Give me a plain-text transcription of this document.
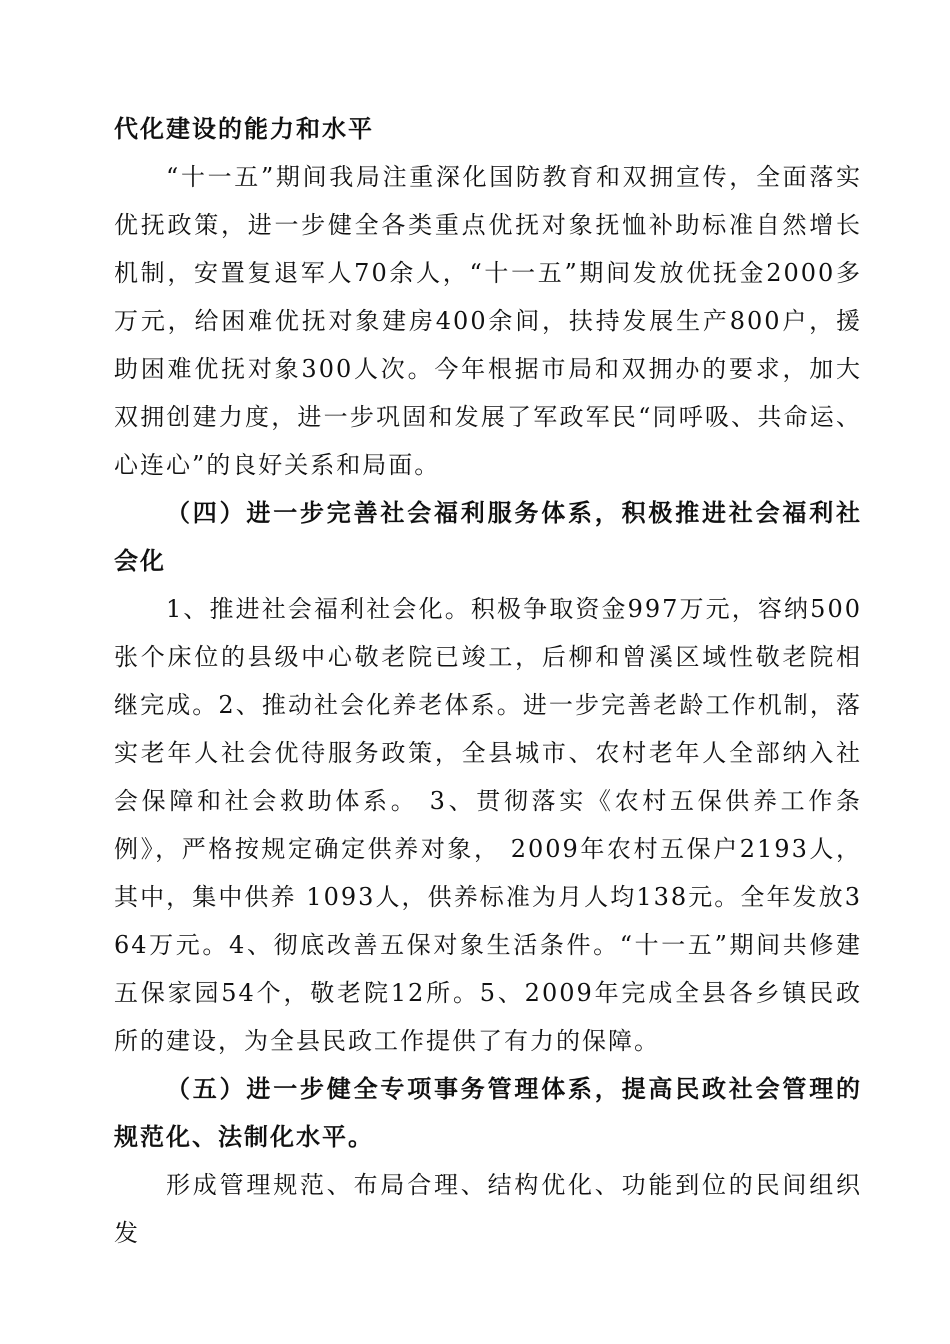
代化建设的能力和水平

“十一五”期间我局注重深化国防教育和双拥宣传，全面落实优抚政策，进一步健全各类重点优抚对象抚恤补助标准自然增长机制，安置复退军人70余人，“十一五”期间发放优抚金2000多万元，给困难优抚对象建房400余间，扶持发展生产800户，援助困难优抚对象300人次。今年根据市局和双拥办的要求，加大双拥创建力度，进一步巩固和发展了军政军民“同呼吸、共命运、心连心”的良好关系和局面。

（四）进一步完善社会福利服务体系，积极推进社会福利社会化

1、推进社会福利社会化。积极争取资金997万元，容纳500张个床位的县级中心敬老院已竣工，后柳和曾溪区域性敬老院相继完成。2、推动社会化养老体系。进一步完善老龄工作机制，落实老年人社会优待服务政策，全县城市、农村老年人全部纳入社会保障和社会救助体系。 3、贯彻落实《农村五保供养工作条例》，严格按规定确定供养对象， 2009年农村五保户2193人，其中，集中供养 1093人，供养标准为月人均138元。全年发放364万元。4、彻底改善五保对象生活条件。“十一五”期间共修建五保家园54个，敬老院12所。5、2009年完成全县各乡镇民政所的建设，为全县民政工作提供了有力的保障。

（五）进一步健全专项事务管理体系，提高民政社会管理的规范化、法制化水平。

形成管理规范、布局合理、结构优化、功能到位的民间组织发
